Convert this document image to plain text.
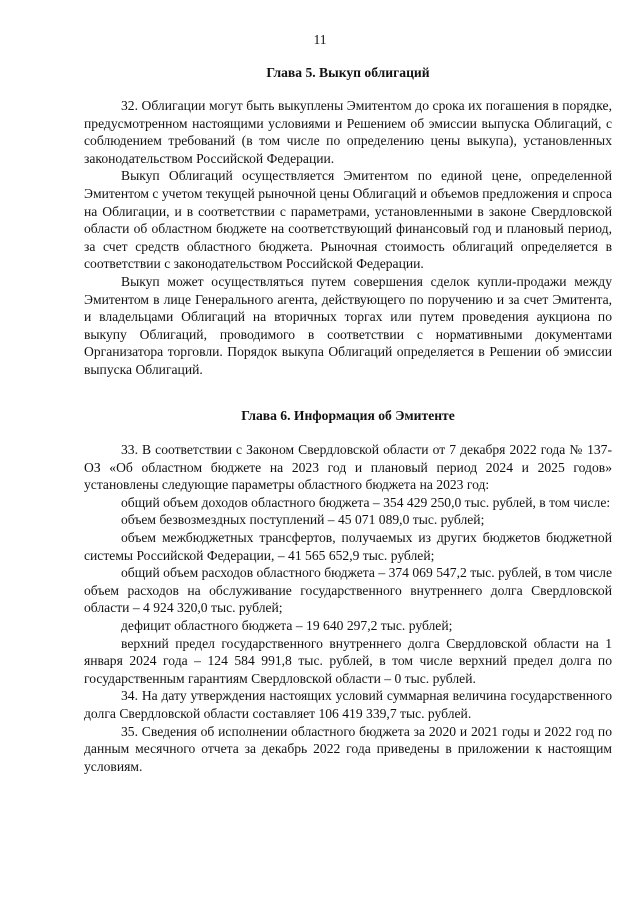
11
Глава 5. Выкуп облигаций

32. Облигации могут быть выкуплены Эмитентом до срока их погашения в порядке, предусмотренном настоящими условиями и Решением об эмиссии выпуска Облигаций, с соблюдением требований (в том числе по определению цены выкупа), установленных законодательством Российской Федерации.

Выкуп Облигаций осуществляется Эмитентом по единой цене, определенной Эмитентом с учетом текущей рыночной цены Облигаций и объемов предложения и спроса на Облигации, и в соответствии с параметрами, установленными в законе Свердловской области об областном бюджете на соответствующий финансовый год и плановый период, за счет средств областного бюджета. Рыночная стоимость облигаций определяется в соответствии с законодательством Российской Федерации.

Выкуп может осуществляться путем совершения сделок купли-продажи между Эмитентом в лице Генерального агента, действующего по поручению и за счет Эмитента, и владельцами Облигаций на вторичных торгах или путем проведения аукциона по выкупу Облигаций, проводимого в соответствии с нормативными документами Организатора торговли. Порядок выкупа Облигаций определяется в Решении об эмиссии выпуска Облигаций.

Глава 6. Информация об Эмитенте

33. В соответствии с Законом Свердловской области от 7 декабря 2022 года № 137-ОЗ «Об областном бюджете на 2023 год и плановый период 2024 и 2025 годов» установлены следующие параметры областного бюджета на 2023 год:

общий объем доходов областного бюджета – 354 429 250,0 тыс. рублей, в том числе:

объем безвозмездных поступлений – 45 071 089,0 тыс. рублей;

объем межбюджетных трансфертов, получаемых из других бюджетов бюджетной системы Российской Федерации, – 41 565 652,9 тыс. рублей;

общий объем расходов областного бюджета – 374 069 547,2 тыс. рублей, в том числе объем расходов на обслуживание государственного внутреннего долга Свердловской области – 4 924 320,0 тыс. рублей;

дефицит областного бюджета – 19 640 297,2 тыс. рублей;

верхний предел государственного внутреннего долга Свердловской области на 1 января 2024 года – 124 584 991,8 тыс. рублей, в том числе верхний предел долга по государственным гарантиям Свердловской области – 0 тыс. рублей.

34. На дату утверждения настоящих условий суммарная величина государственного долга Свердловской области составляет 106 419 339,7 тыс. рублей.

35. Сведения об исполнении областного бюджета за 2020 и 2021 годы и 2022 год по данным месячного отчета за декабрь 2022 года приведены в приложении к настоящим условиям.
